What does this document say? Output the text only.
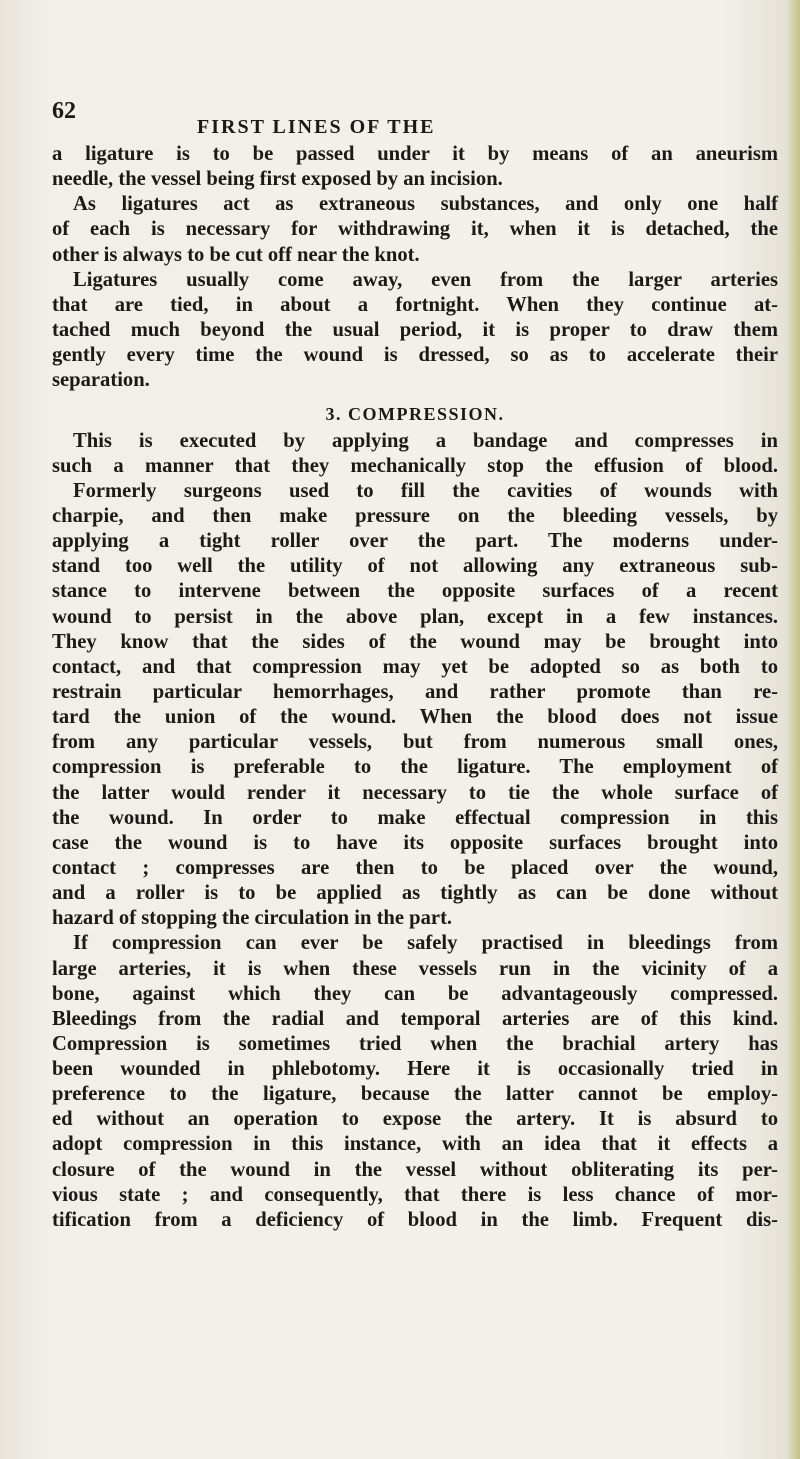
62
FIRST LINES OF THE
a ligature is to be passed under it by means of an aneurism
needle, the vessel being first exposed by an incision.
As ligatures act as extraneous substances, and only one half
of each is necessary for withdrawing it, when it is detached, the
other is always to be cut off near the knot.
Ligatures usually come away, even from the larger arteries
that are tied, in about a fortnight. When they continue at-
tached much beyond the usual period, it is proper to draw them
gently every time the wound is dressed, so as to accelerate their
separation.
3. COMPRESSION.
This is executed by applying a bandage and compresses in
such a manner that they mechanically stop the effusion of blood.
Formerly surgeons used to fill the cavities of wounds with
charpie, and then make pressure on the bleeding vessels, by
applying a tight roller over the part. The moderns under-
stand too well the utility of not allowing any extraneous sub-
stance to intervene between the opposite surfaces of a recent
wound to persist in the above plan, except in a few instances.
They know that the sides of the wound may be brought into
contact, and that compression may yet be adopted so as both to
restrain particular hemorrhages, and rather promote than re-
tard the union of the wound. When the blood does not issue
from any particular vessels, but from numerous small ones,
compression is preferable to the ligature. The employment of
the latter would render it necessary to tie the whole surface of
the wound. In order to make effectual compression in this
case the wound is to have its opposite surfaces brought into
contact ; compresses are then to be placed over the wound,
and a roller is to be applied as tightly as can be done without
hazard of stopping the circulation in the part.
If compression can ever be safely practised in bleedings from
large arteries, it is when these vessels run in the vicinity of a
bone, against which they can be advantageously compressed.
Bleedings from the radial and temporal arteries are of this kind.
Compression is sometimes tried when the brachial artery has
been wounded in phlebotomy. Here it is occasionally tried in
preference to the ligature, because the latter cannot be employ-
ed without an operation to expose the artery. It is absurd to
adopt compression in this instance, with an idea that it effects a
closure of the wound in the vessel without obliterating its per-
vious state ; and consequently, that there is less chance of mor-
tification from a deficiency of blood in the limb. Frequent dis-
